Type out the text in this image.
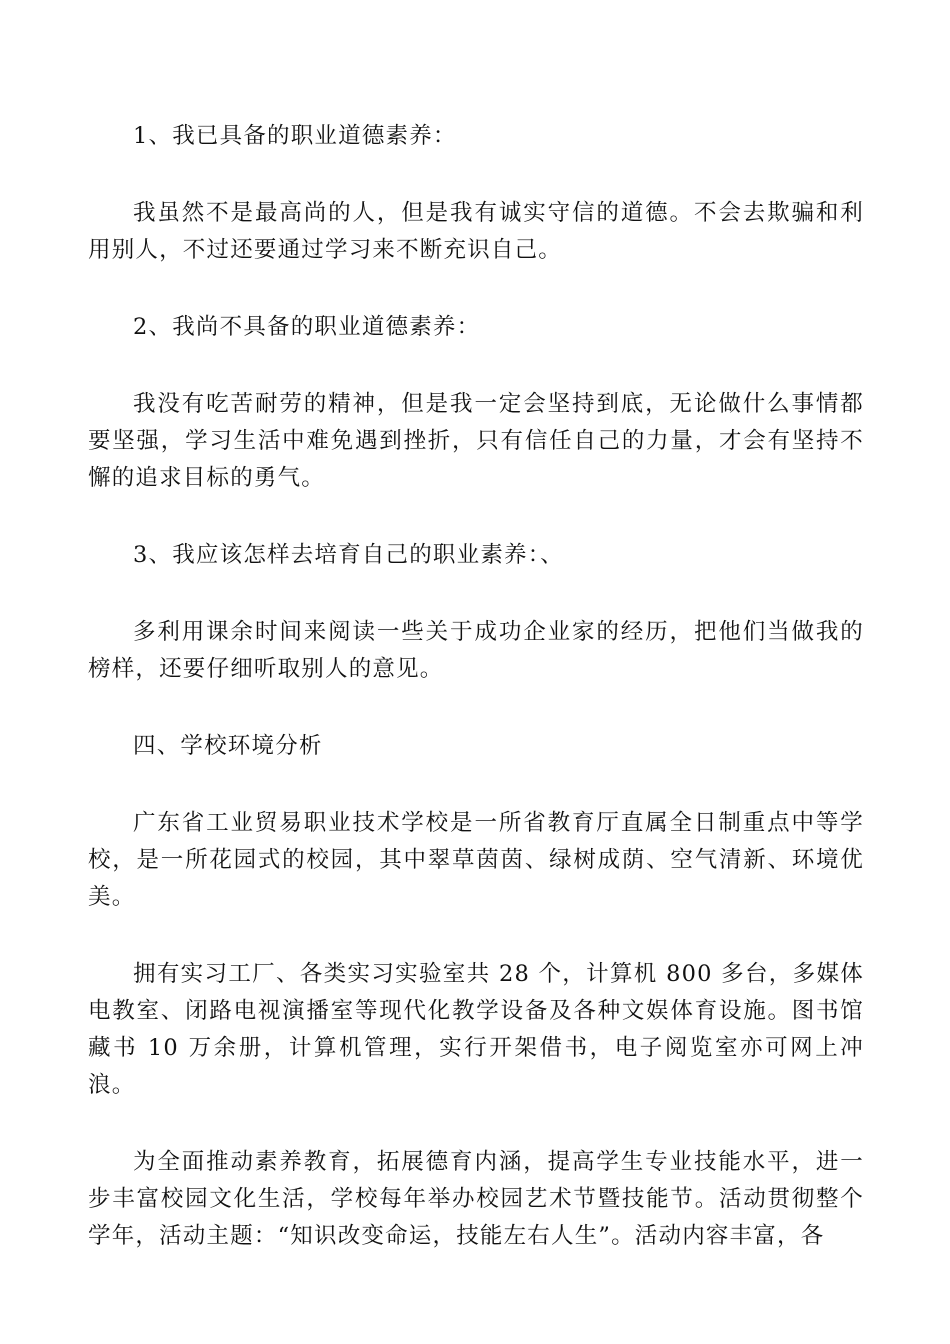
1、我已具备的职业道德素养：

我虽然不是最高尚的人，但是我有诚实守信的道德。不会去欺骗和利用别人，不过还要通过学习来不断充识自己。

2、我尚不具备的职业道德素养：

我没有吃苦耐劳的精神，但是我一定会坚持到底，无论做什么事情都要坚强，学习生活中难免遇到挫折，只有信任自己的力量，才会有坚持不懈的追求目标的勇气。

3、我应该怎样去培育自己的职业素养：、

多利用课余时间来阅读一些关于成功企业家的经历，把他们当做我的榜样，还要仔细听取别人的意见。

四、学校环境分析

广东省工业贸易职业技术学校是一所省教育厅直属全日制重点中等学校，是一所花园式的校园，其中翠草茵茵、绿树成荫、空气清新、环境优美。

拥有实习工厂、各类实习实验室共 28 个，计算机 800 多台，多媒体电教室、闭路电视演播室等现代化教学设备及各种文娱体育设施。图书馆藏书 10 万余册，计算机管理，实行开架借书，电子阅览室亦可网上冲浪。

为全面推动素养教育，拓展德育内涵，提高学生专业技能水平，进一步丰富校园文化生活，学校每年举办校园艺术节暨技能节。活动贯彻整个学年，活动主题：“知识改变命运，技能左右人生”。活动内容丰富，各
